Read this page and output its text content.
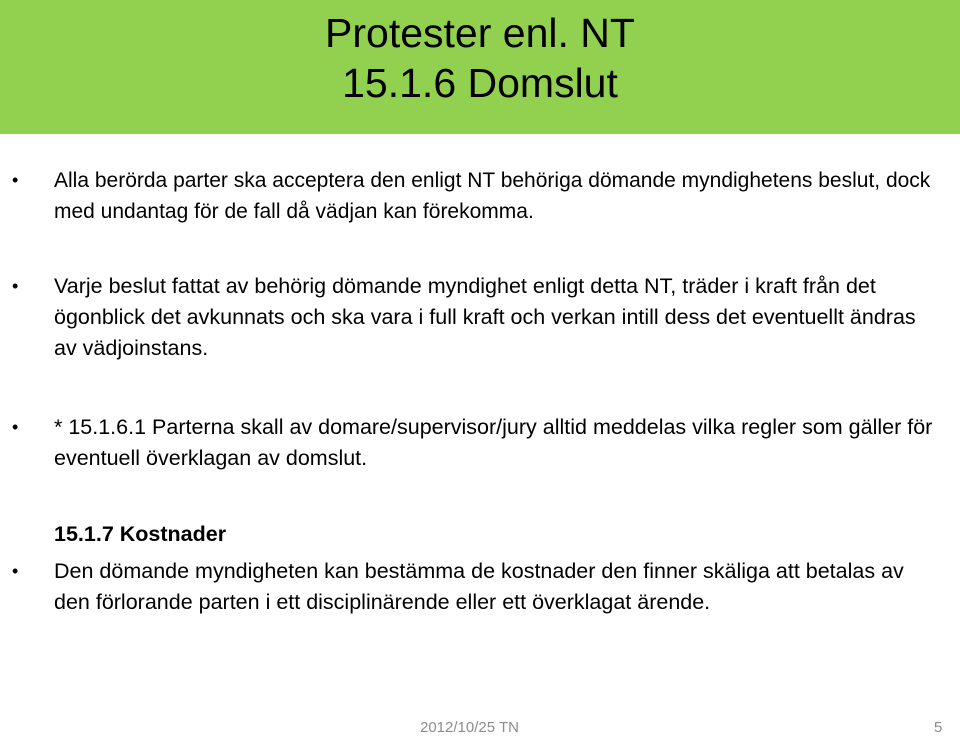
Protester enl. NT
15.1.6 Domslut
• Alla berörda parter ska acceptera den enligt NT behöriga dömande myndighetens beslut, dock med undantag för de fall då vädjan kan förekomma.
• Varje beslut fattat av behörig dömande myndighet enligt detta NT, träder i kraft från det ögonblick det avkunnats och ska vara i full kraft och verkan intill dess det eventuellt ändras av vädjoinstans.
• * 15.1.6.1 Parterna skall av domare/supervisor/jury alltid meddelas vilka regler som gäller för eventuell överklagan av domslut.
15.1.7 Kostnader
• Den dömande myndigheten kan bestämma de kostnader den finner skäliga att betalas av den förlorande parten i ett disciplinärende eller ett överklagat ärende.
2012/10/25 TN	5
